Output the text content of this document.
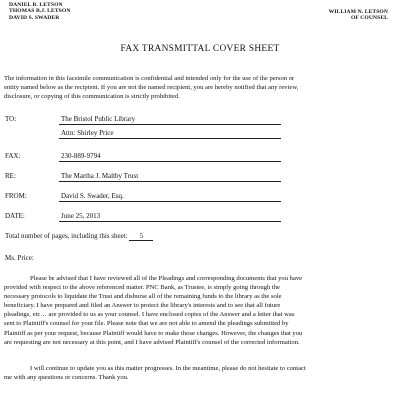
DANIEL B. LETSON
THOMAS B.J. LETSON
DAVID S. SWADER
WILLIAM N. LETSON
OF COUNSEL
FAX TRANSMITTAL COVER SHEET
The information in this facsimile communication is confidential and intended only for the use of the person or
entity named below as the recipient. If you are not the named recipient, you are hereby notified that any review,
disclosure, or copying of this communication is strictly prohibited.
TO:	The Bristol Public Library
Attn: Shirley Price
FAX:	230-889-9794
RE:	The Martha J. Maltby Trust
FROM:	David S. Swader, Esq.
DATE:	June 25, 2013
Total number of pages, including this sheet: 5
Ms. Price:
Please be advised that I have reviewed all of the Pleadings and corresponding documents that you have
provided with respect to the above referenced matter. PNC Bank, as Trustee, is simply going through the
necessary protocols to liquidate the Trust and disburse all of the remaining funds to the library as the sole
beneficiary. I have prepared and filed an Answer to protect the library's interests and to see that all future
pleadings, etc… are provided to us as your counsel. I have enclosed copies of the Answer and a letter that was
sent to Plaintiff's counsel for your file. Please note that we are not able to amend the pleadings submitted by
Plaintiff as per your request, because Plaintiff would have to make those changes. However, the changes that you
are requesting are not necessary at this point, and I have advised Plaintiff's counsel of the corrected information.
I will continue to update you as this matter progresses. In the meantime, please do not hesitate to contact
me with any questions or concerns. Thank you.
